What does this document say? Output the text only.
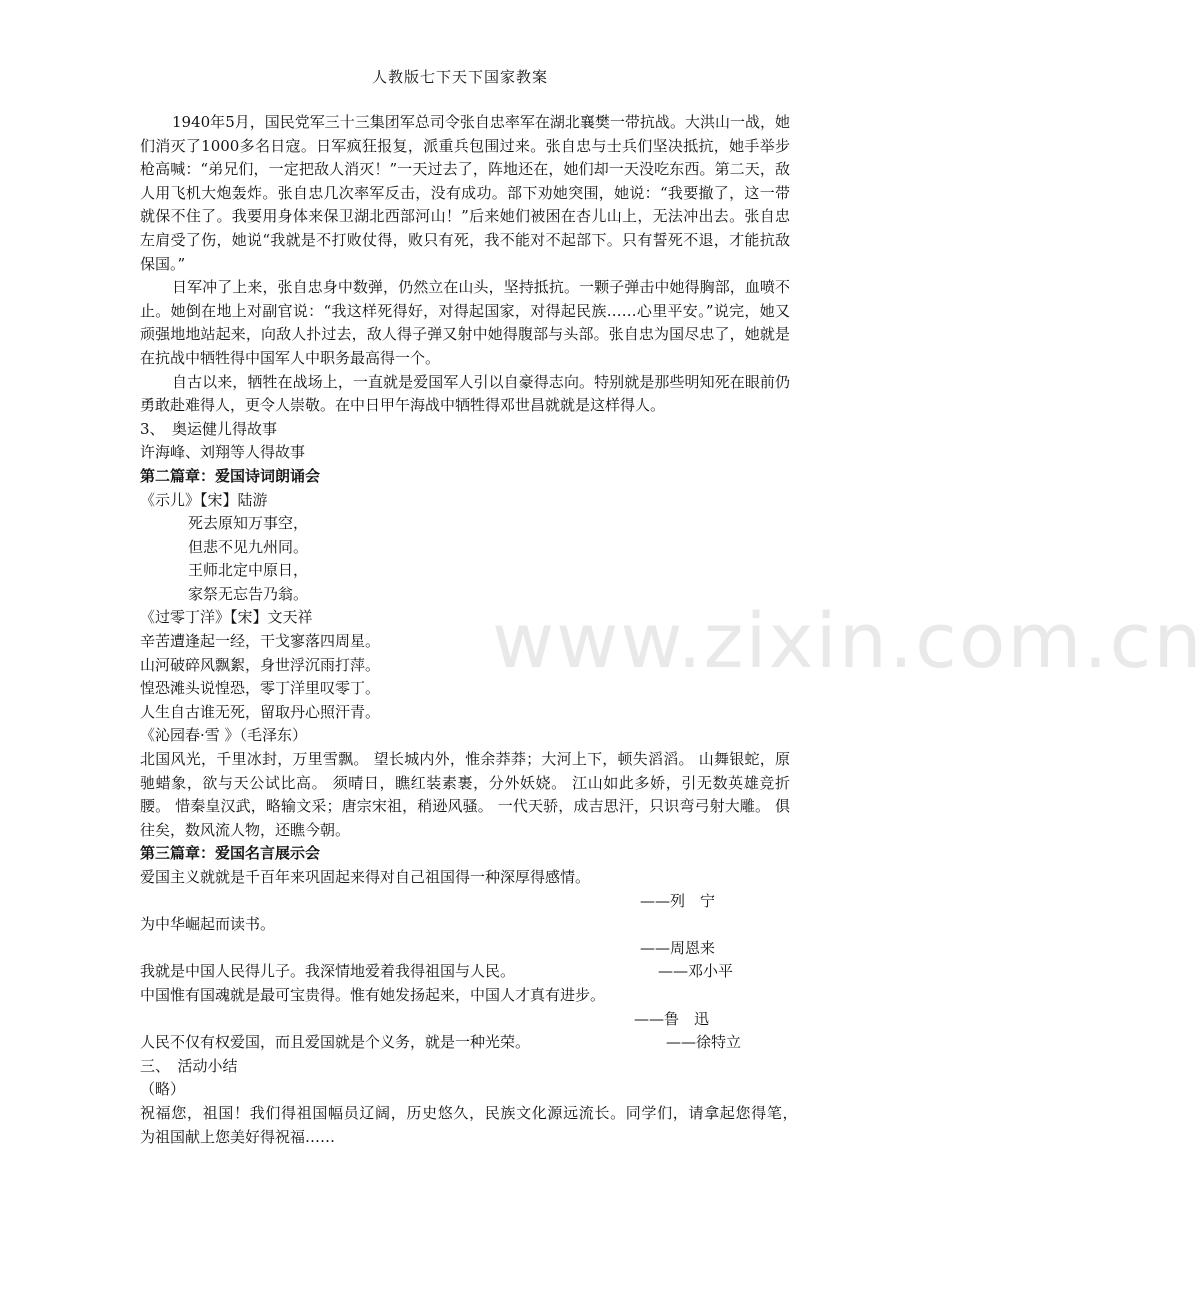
人教版七下天下国家教案

1940年5月，国民党军三十三集团军总司令张自忠率军在湖北襄樊一带抗战。大洪山一战，她们消灭了1000多名日寇。日军疯狂报复，派重兵包围过来。张自忠与士兵们坚决抵抗，她手举步枪高喊：“弟兄们，一定把敌人消灭！”一天过去了，阵地还在，她们却一天没吃东西。第二天，敌人用飞机大炮轰炸。张自忠几次率军反击，没有成功。部下劝她突围，她说：“我要撤了，这一带就保不住了。我要用身体来保卫湖北西部河山！”后来她们被困在杏儿山上，无法冲出去。张自忠左肩受了伤，她说“我就是不打败仗得，败只有死，我不能对不起部下。只有誓死不退，才能抗敌保国。”

日军冲了上来，张自忠身中数弹，仍然立在山头，坚持抵抗。一颗子弹击中她得胸部，血喷不止。她倒在地上对副官说：“我这样死得好，对得起国家，对得起民族……心里平安。”说完，她又顽强地地站起来，向敌人扑过去，敌人得子弹又射中她得腹部与头部。张自忠为国尽忠了，她就是在抗战中牺牲得中国军人中职务最高得一个。

自古以来，牺牲在战场上，一直就是爱国军人引以自豪得志向。特别就是那些明知死在眼前仍勇敢赴难得人，更令人崇敬。在中日甲午海战中牺牲得邓世昌就就是这样得人。

3、　奥运健儿得故事

许海峰、刘翔等人得故事

第二篇章：爱国诗词朗诵会

《示儿》【宋】陆游

死去原知万事空，

但悲不见九州同。

王师北定中原日，

家祭无忘告乃翁。

《过零丁洋》【宋】文天祥

辛苦遭逢起一经，干戈寥落四周星。

山河破碎风飘絮，身世浮沉雨打萍。

惶恐滩头说惶恐，零丁洋里叹零丁。

人生自古谁无死，留取丹心照汗青。

《沁园春·雪 》（毛泽东）

北国风光，千里冰封，万里雪飘。 望长城内外，惟余莽莽；大河上下，顿失滔滔。 山舞银蛇，原驰蜡象，欲与天公试比高。 须晴日，瞧红装素裹，分外妖娆。 江山如此多娇，引无数英雄竞折腰。 惜秦皇汉武，略输文采；唐宗宋祖，稍逊风骚。 一代天骄，成吉思汗，只识弯弓射大雕。 俱往矣，数风流人物，还瞧今朝。

第三篇章：爱国名言展示会

爱国主义就就是千百年来巩固起来得对自己祖国得一种深厚得感情。

——列　宁

为中华崛起而读书。

——周恩来

我就是中国人民得儿子。我深情地爱着我得祖国与人民。	——邓小平

中国惟有国魂就是最可宝贵得。惟有她发扬起来，中国人才真有进步。

——鲁　迅

人民不仅有权爱国，而且爱国就是个义务，就是一种光荣。	——徐特立

三、　活动小结

（略）

祝福您，祖国！我们得祖国幅员辽阔，历史悠久，民族文化源远流长。同学们，请拿起您得笔，　为祖国献上您美好得祝福……

www.zixin.com.cn
